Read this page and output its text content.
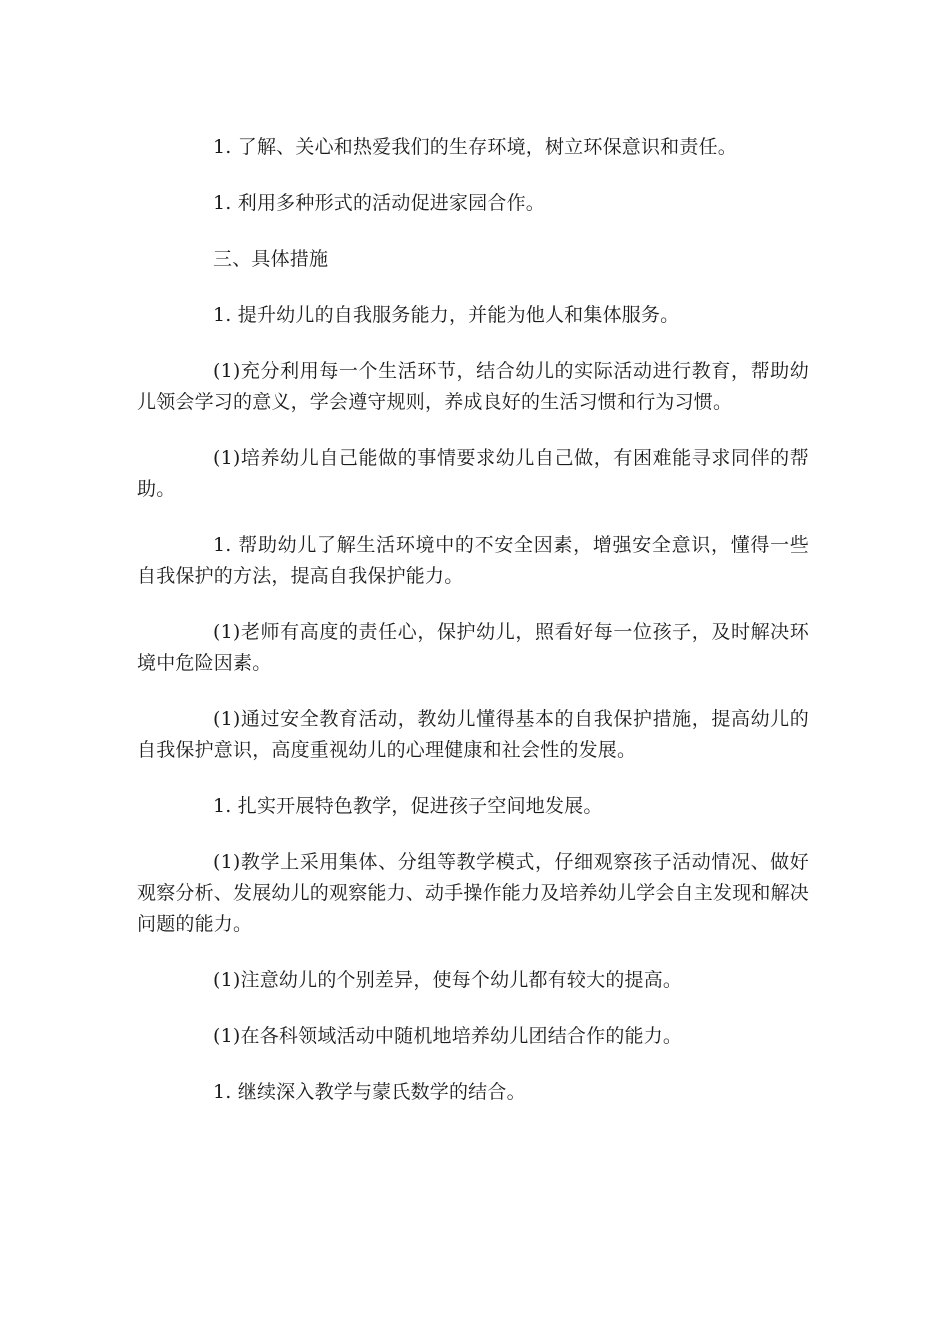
1. 了解、关心和热爱我们的生存环境，树立环保意识和责任。

1. 利用多种形式的活动促进家园合作。

三、具体措施

1. 提升幼儿的自我服务能力，并能为他人和集体服务。

(1)充分利用每一个生活环节，结合幼儿的实际活动进行教育，帮助幼儿领会学习的意义，学会遵守规则，养成良好的生活习惯和行为习惯。

(1)培养幼儿自己能做的事情要求幼儿自己做，有困难能寻求同伴的帮助。

1. 帮助幼儿了解生活环境中的不安全因素，增强安全意识，懂得一些自我保护的方法，提高自我保护能力。

(1)老师有高度的责任心，保护幼儿，照看好每一位孩子，及时解决环境中危险因素。

(1)通过安全教育活动，教幼儿懂得基本的自我保护措施，提高幼儿的自我保护意识，高度重视幼儿的心理健康和社会性的发展。

1. 扎实开展特色教学，促进孩子空间地发展。

(1)教学上采用集体、分组等教学模式，仔细观察孩子活动情况、做好观察分析、发展幼儿的观察能力、动手操作能力及培养幼儿学会自主发现和解决问题的能力。

(1)注意幼儿的个别差异，使每个幼儿都有较大的提高。

(1)在各科领域活动中随机地培养幼儿团结合作的能力。

1. 继续深入教学与蒙氏数学的结合。
